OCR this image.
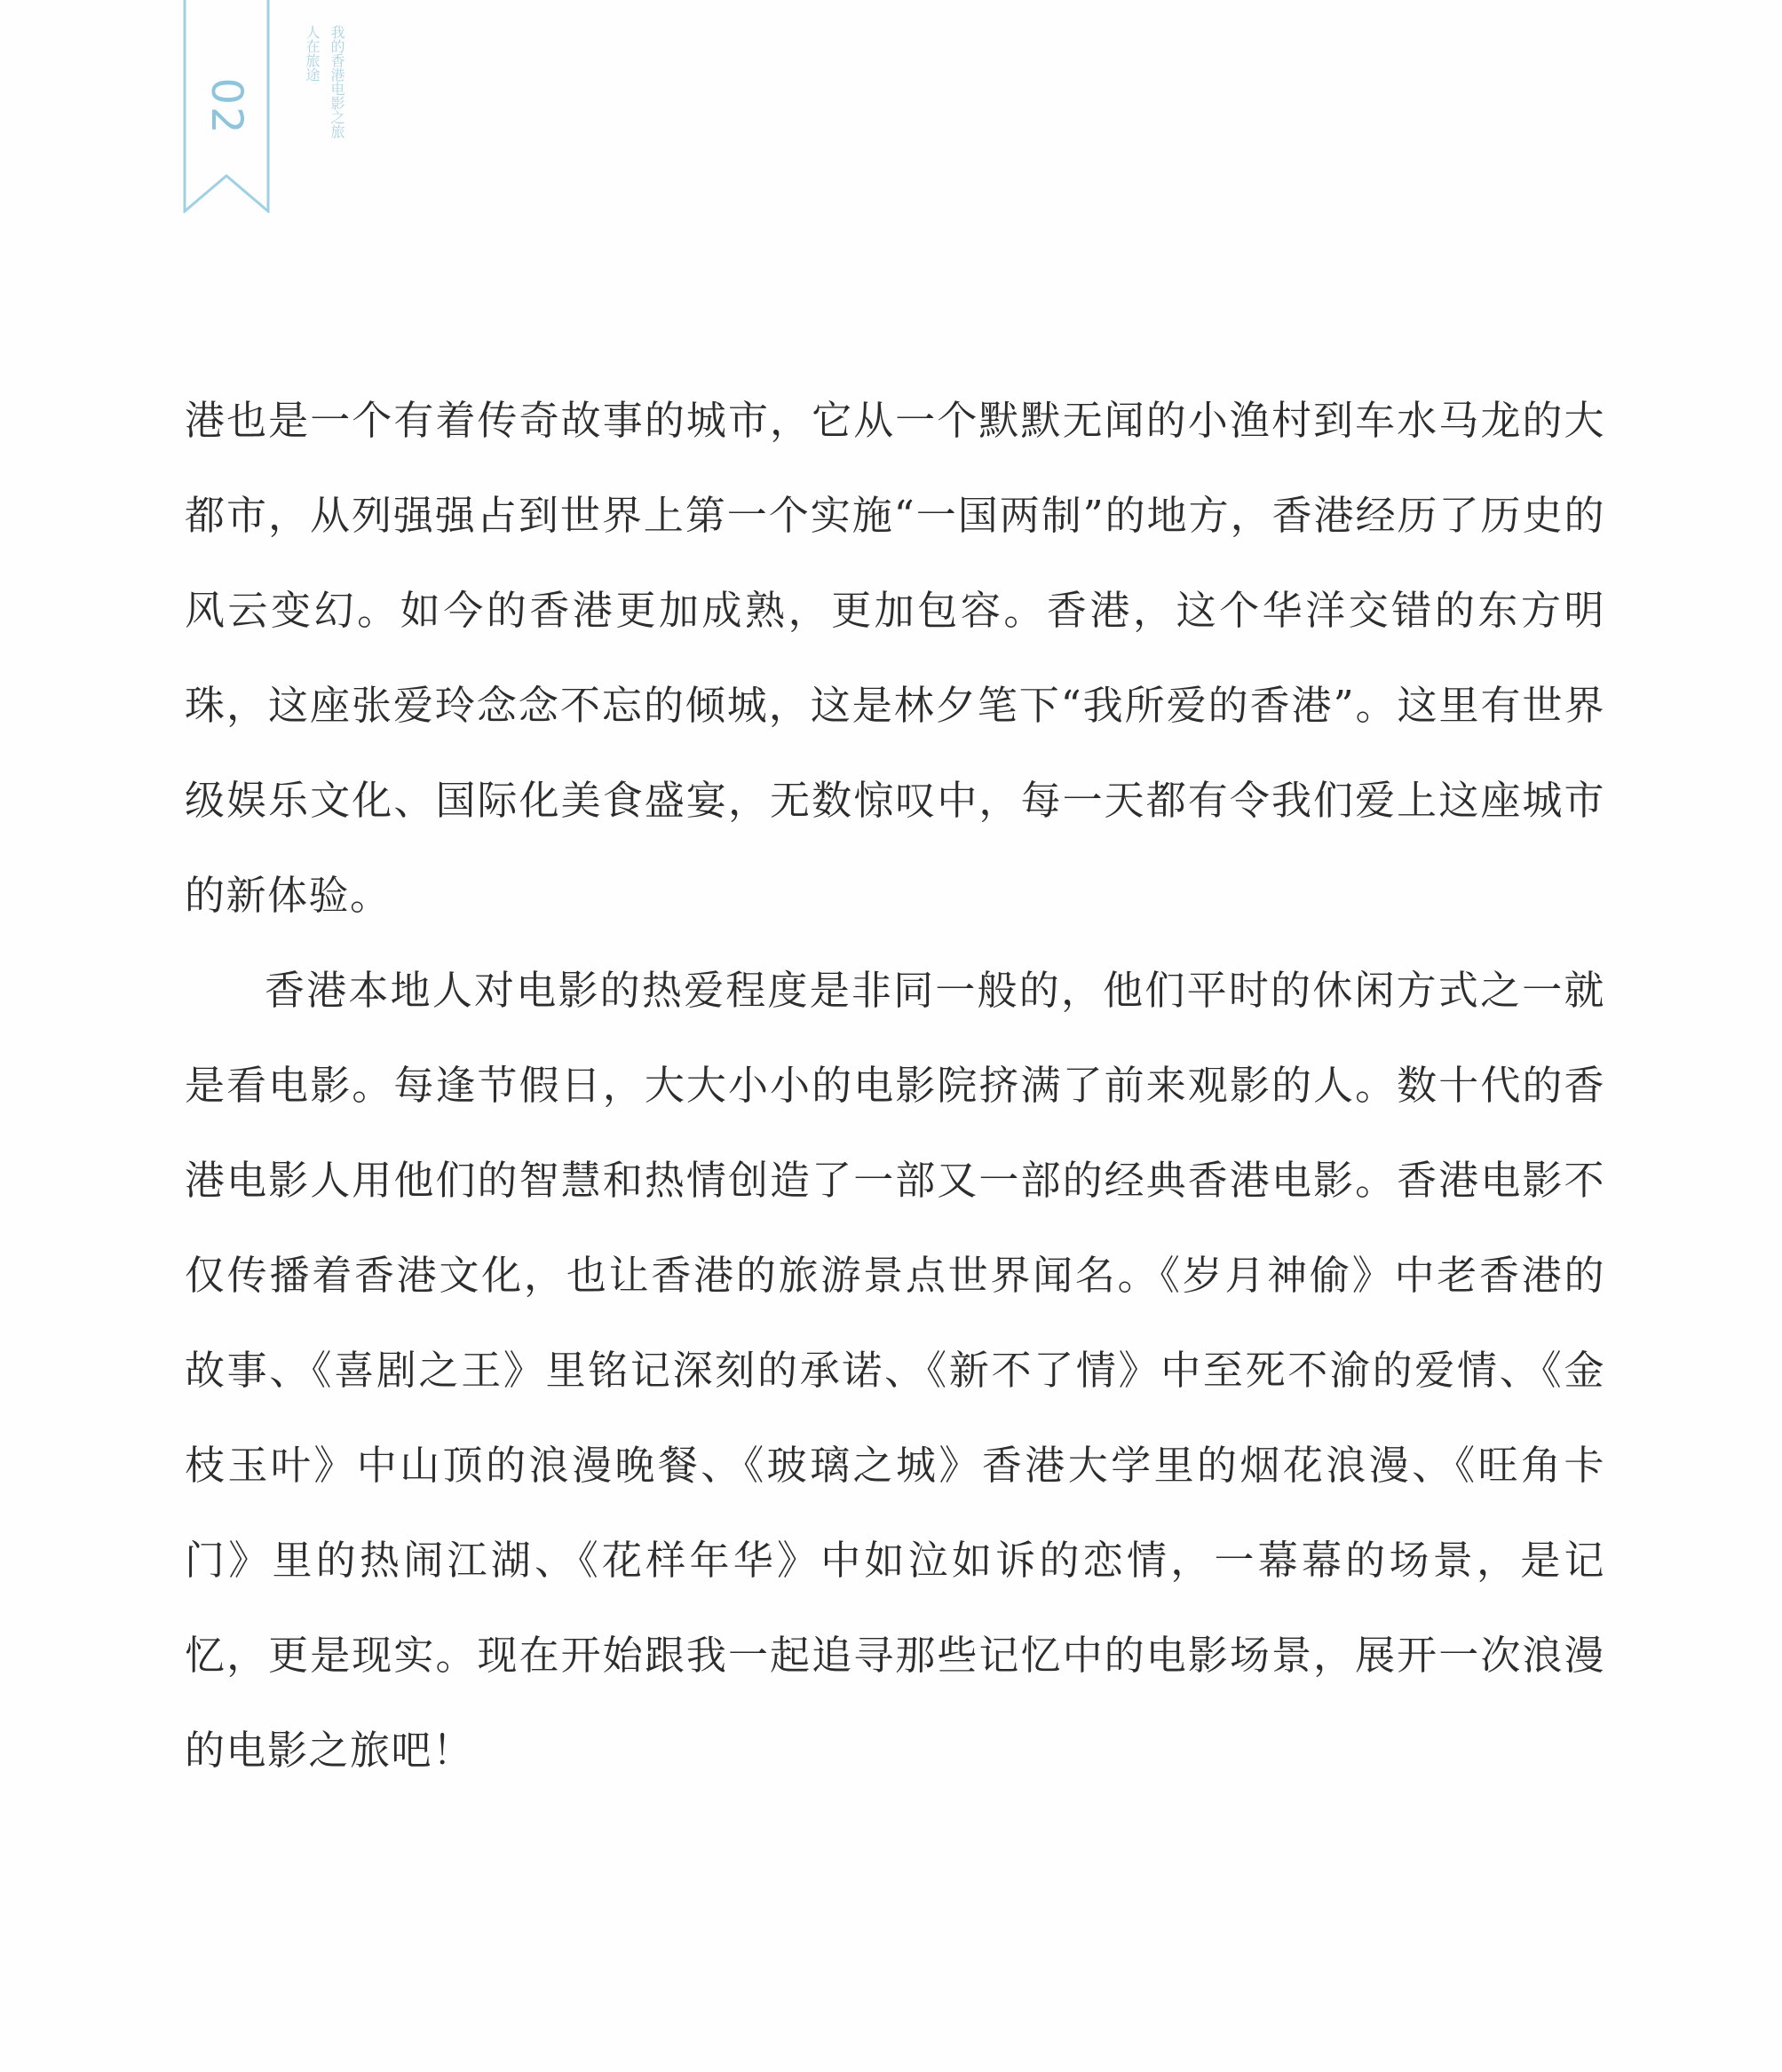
02
人在旅途 我的香港电影之旅

港也是一个有着传奇故事的城市，它从一个默默无闻的小渔村到车水马龙的大都市，从列强强占到世界上第一个实施“一国两制”的地方，香港经历了历史的风云变幻。如今的香港更加成熟，更加包容。香港，这个华洋交错的东方明珠，这座张爱玲念念不忘的倾城，这是林夕笔下“我所爱的香港”。这里有世界级娱乐文化、国际化美食盛宴，无数惊叹中，每一天都有令我们爱上这座城市的新体验。

香港本地人对电影的热爱程度是非同一般的，他们平时的休闲方式之一就是看电影。每逢节假日，大大小小的电影院挤满了前来观影的人。数十代的香港电影人用他们的智慧和热情创造了一部又一部的经典香港电影。香港电影不仅传播着香港文化，也让香港的旅游景点世界闻名。《岁月神偷》中老香港的故事、《喜剧之王》里铭记深刻的承诺、《新不了情》中至死不渝的爱情、《金枝玉叶》中山顶的浪漫晚餐、《玻璃之城》香港大学里的烟花浪漫、《旺角卡门》里的热闹江湖、《花样年华》中如泣如诉的恋情，一幕幕的场景，是记忆，更是现实。现在开始跟我一起追寻那些记忆中的电影场景，展开一次浪漫的电影之旅吧！
